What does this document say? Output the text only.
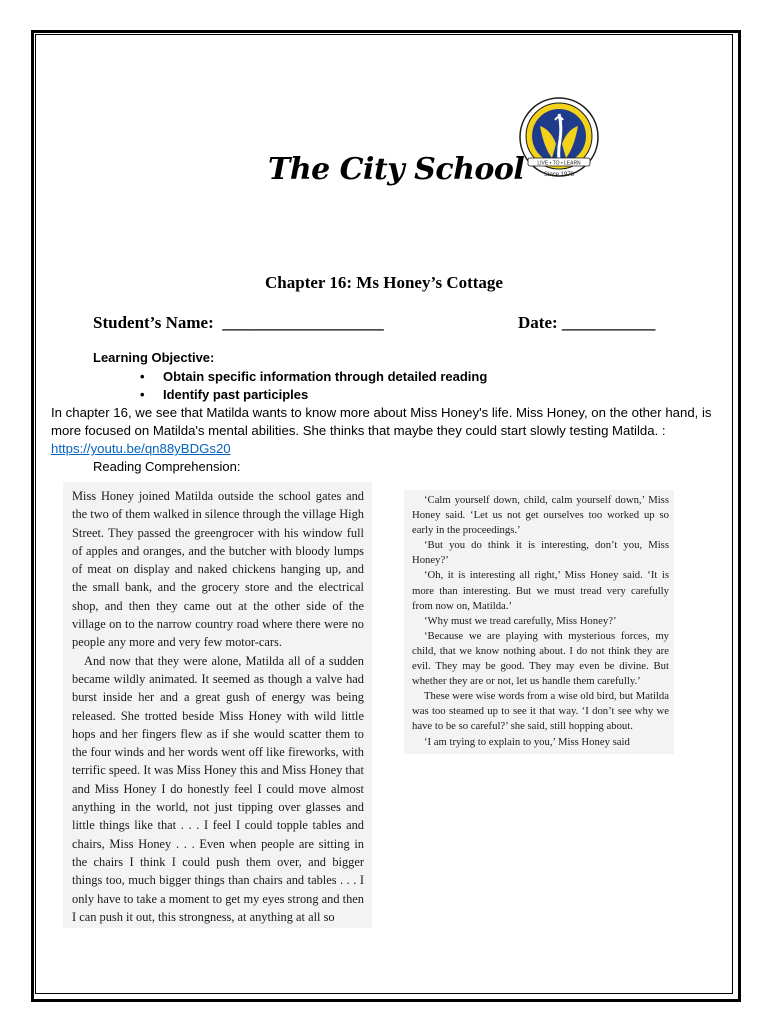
The City School	LIVE • TO • LEARN
Since 1978
Chapter 16: Ms Honey’s Cottage
Student’s Name: ___________________	Date: ___________
Learning Objective:
• Obtain specific information through detailed reading
• Identify past participles
In chapter 16, we see that Matilda wants to know more about Miss Honey's life. Miss Honey, on the other hand, is more focused on Matilda's mental abilities. She thinks that maybe they could start slowly testing Matilda. : https://youtu.be/qn88yBDGs20
Reading Comprehension:

Miss Honey joined Matilda outside the school gates and the two of them walked in silence through the village High Street. They passed the greengrocer with his window full of apples and oranges, and the butcher with bloody lumps of meat on display and naked chickens hanging up, and the small bank, and the grocery store and the electrical shop, and then they came out at the other side of the village on to the narrow country road where there were no people any more and very few motor-cars.

And now that they were alone, Matilda all of a sudden became wildly animated. It seemed as though a valve had burst inside her and a great gush of energy was being released. She trotted beside Miss Honey with wild little hops and her fingers flew as if she would scatter them to the four winds and her words went off like fireworks, with terrific speed. It was Miss Honey this and Miss Honey that and Miss Honey I do honestly feel I could move almost anything in the world, not just tipping over glasses and little things like that . . . I feel I could topple tables and chairs, Miss Honey . . . Even when people are sitting in the chairs I think I could push them over, and bigger things too, much bigger things than chairs and tables . . . I only have to take a moment to get my eyes strong and then I can push it out, this strongness, at anything at all so

‘Calm yourself down, child, calm yourself down,’ Miss Honey said. ‘Let us not get ourselves too worked up so early in the proceedings.’

‘But you do think it is interesting, don’t you, Miss Honey?’

‘Oh, it is interesting all right,’ Miss Honey said. ‘It is more than interesting. But we must tread very carefully from now on, Matilda.’

‘Why must we tread carefully, Miss Honey?’

‘Because we are playing with mysterious forces, my child, that we know nothing about. I do not think they are evil. They may be good. They may even be divine. But whether they are or not, let us handle them carefully.’

These were wise words from a wise old bird, but Matilda was too steamed up to see it that way. ‘I don’t see why we have to be so careful?’ she said, still hopping about.

‘I am trying to explain to you,’ Miss Honey said
